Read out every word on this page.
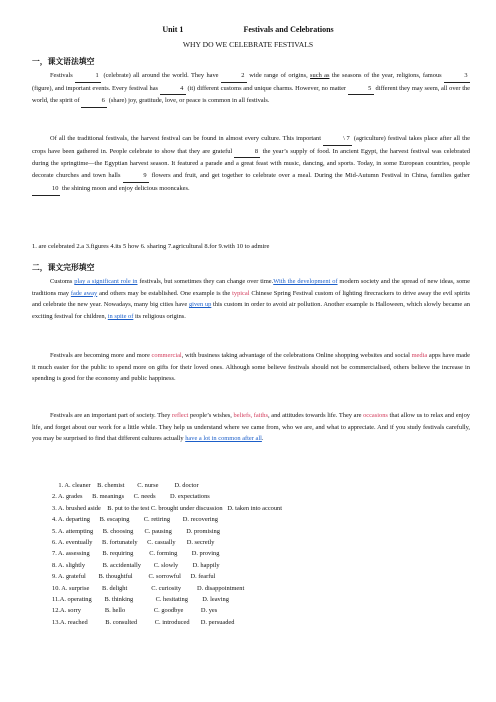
Unit 1	Festivals and Celebrations
WHY DO WE CELEBRATE FESTIVALS
一，课文语法填空
Festivals	1 (celebrate) all around the world. They have	2 wide range of origins, such as the seasons of the year, religions, famous	3 (figure), and important events. Every festival has	4 (it) different customs and unique charms. However, no matter	5 different they may seem, all over the world, the spirit of	6 (share) joy, gratitude, love, or peace is common in all festivals.
Of all the traditional festivals, the harvest festival can be found in almost every culture. This important	\ 7 (agriculture) festival takes place after all the crops have been gathered in. People celebrate to show that they are grateful	8 the year’s supply of food. In ancient Egypt, the harvest festival was celebrated during the springtime—the Egyptian harvest season. It featured a parade and a great feast with music, dancing, and sports. Today, in some European countries, people decorate churches and town halls	9 flowers and fruit, and get together to celebrate over a meal. During the Mid-Autumn Festival in China, families gather 10 the shining moon and enjoy delicious mooncakes.
1. are celebrated 2.a 3.figures 4.its 5 how 6. sharing 7.agricultural 8.for 9.with 10 to admire
二，课文完形填空
Customs play a significant role in festivals, but sometimes they can change over time.With the development of modern society and the spread of new ideas, some traditions may fade away and others may be established. One example is the typical Chinese Spring Festival custom of lighting firecrackers to drive away the evil spirits and celebrate the new year. Nowadays, many big cities have given up this custom in order to avoid air pollution. Another example is Halloween, which slowly became an exciting festival for children, in spite of its religious origins.
Festivals are becoming more and more commercial, with business taking advantage of the celebrations Online shopping websites and social media apps have made it much easier for the public to spend more on gifts for their loved ones. Although some believe festivals should not be commercialised, others believe the increase in spending is good for the economy and public happiness.
Festivals are an important part of society. They reflect people’s wishes, beliefs, faiths, and attitudes towards life. They are occasions that allow us to relax and enjoy life, and forget about our work for a little while. They help us understand where we came from, who we are, and what to appreciate. And if you study festivals carefully, you may be surprised to find that different cultures actually have a lot in common after all.
1. A. cleaner    B. chemist        C. nurse          D. doctor
2. A. grades      B. meanings      C. needs         D. expectations
3. A. brushed aside    B. put to the test C. brought under discussion   D. taken into account
4. A. departing      B. escaping         C. retiring        D. recovering
5. A. attempting      B. choosing       C. pausing         D. promising
6. A. eventually      B. fortunately      C. casually       D. secretly
7. A. assessing        B. requiring          C. forming         D. proving
8. A. slightly           B. accidentally        C. slowly         D. happily
9. A. grateful        B. thoughtful          C. sorrowful      D. fearful
10. A. surprise        B. delight               C. curiosity          D. disappointment
11.A. operating        B. thinking              C. hesitating         D. leaving
12.A. sorry               B. hello                  C. goodbye           D. yes
13.A. reached           B. consulted           C. introduced       D. persuaded
